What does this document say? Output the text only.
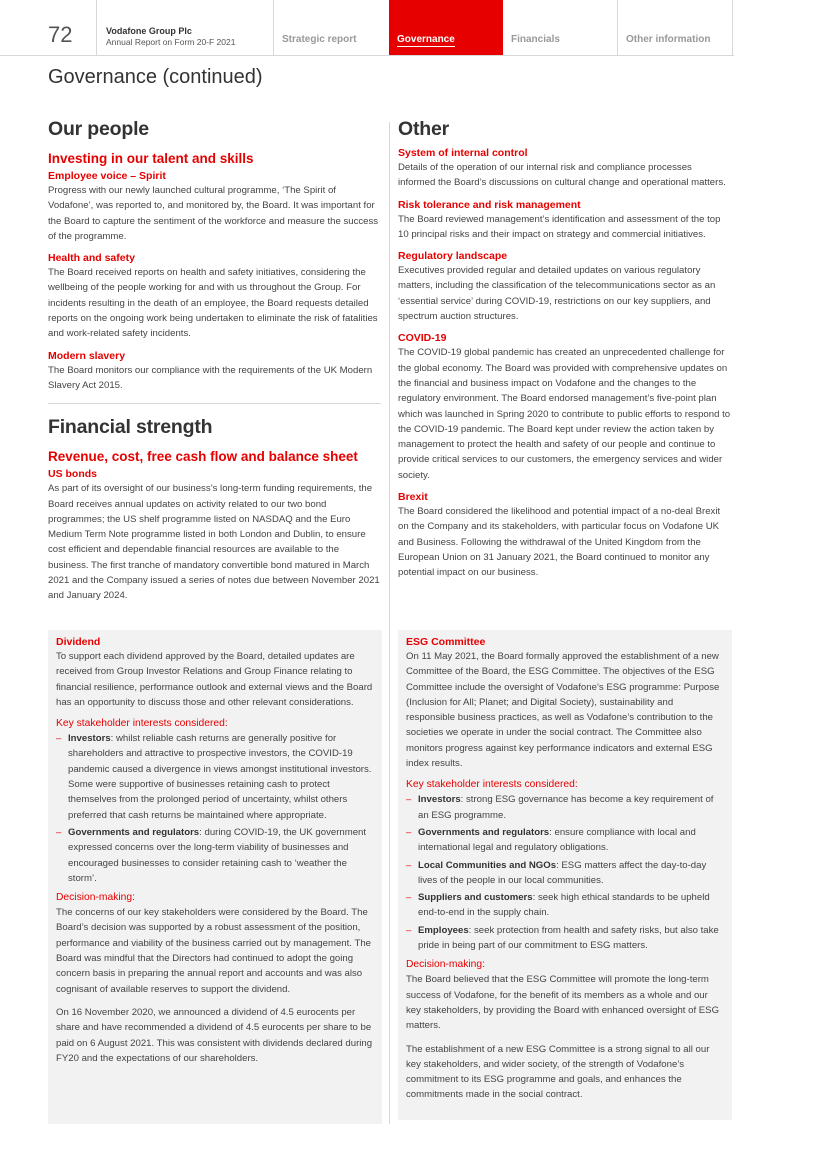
72	Vodafone Group Plc
Annual Report on Form 20-F 2021	Strategic report	Governance	Financials	Other information
Governance (continued)
Our people
Investing in our talent and skills
Employee voice – Spirit
Progress with our newly launched cultural programme, ‘The Spirit of Vodafone’, was reported to, and monitored by, the Board. It was important for the Board to capture the sentiment of the workforce and measure the success of the programme.
Health and safety
The Board received reports on health and safety initiatives, considering the wellbeing of the people working for and with us throughout the Group. For incidents resulting in the death of an employee, the Board requests detailed reports on the ongoing work being undertaken to eliminate the risk of fatalities and work-related safety incidents.
Modern slavery
The Board monitors our compliance with the requirements of the UK Modern Slavery Act 2015.
Financial strength
Revenue, cost, free cash flow and balance sheet
US bonds
As part of its oversight of our business’s long-term funding requirements, the Board receives annual updates on activity related to our two bond programmes; the US shelf programme listed on NASDAQ and the Euro Medium Term Note programme listed in both London and Dublin, to ensure cost efficient and dependable financial resources are available to the business. The first tranche of mandatory convertible bond matured in March 2021 and the Company issued a series of notes due between November 2021 and January 2024.
Dividend
To support each dividend approved by the Board, detailed updates are received from Group Investor Relations and Group Finance relating to financial resilience, performance outlook and external views and the Board has an opportunity to discuss those and other relevant considerations.
Key stakeholder interests considered:
– Investors: whilst reliable cash returns are generally positive for shareholders and attractive to prospective investors, the COVID-19 pandemic caused a divergence in views amongst institutional investors. Some were supportive of businesses retaining cash to protect themselves from the prolonged period of uncertainty, whilst others preferred that cash returns be maintained where appropriate.
– Governments and regulators: during COVID-19, the UK government expressed concerns over the long-term viability of businesses and encouraged businesses to consider retaining cash to ‘weather the storm’.
Decision-making:
The concerns of our key stakeholders were considered by the Board. The Board’s decision was supported by a robust assessment of the position, performance and viability of the business carried out by management. The Board was mindful that the Directors had continued to adopt the going concern basis in preparing the annual report and accounts and was also cognisant of available reserves to support the dividend.
On 16 November 2020, we announced a dividend of 4.5 eurocents per share and have recommended a dividend of 4.5 eurocents per share to be paid on 6 August 2021. This was consistent with dividends declared during FY20 and the expectations of our shareholders.
Other
System of internal control
Details of the operation of our internal risk and compliance processes informed the Board’s discussions on cultural change and operational matters.
Risk tolerance and risk management
The Board reviewed management’s identification and assessment of the top 10 principal risks and their impact on strategy and commercial initiatives.
Regulatory landscape
Executives provided regular and detailed updates on various regulatory matters, including the classification of the telecommunications sector as an ‘essential service’ during COVID-19, restrictions on our key suppliers, and spectrum auction structures.
COVID-19
The COVID-19 global pandemic has created an unprecedented challenge for the global economy. The Board was provided with comprehensive updates on the financial and business impact on Vodafone and the changes to the regulatory environment. The Board endorsed management’s five-point plan which was launched in Spring 2020 to contribute to public efforts to respond to the COVID-19 pandemic. The Board kept under review the action taken by management to protect the health and safety of our people and continue to provide critical services to our customers, the emergency services and wider society.
Brexit
The Board considered the likelihood and potential impact of a no-deal Brexit on the Company and its stakeholders, with particular focus on Vodafone UK and Business. Following the withdrawal of the United Kingdom from the European Union on 31 January 2021, the Board continued to monitor any potential impact on our business.
ESG Committee
On 11 May 2021, the Board formally approved the establishment of a new Committee of the Board, the ESG Committee. The objectives of the ESG Committee include the oversight of Vodafone’s ESG programme: Purpose (Inclusion for All; Planet; and Digital Society), sustainability and responsible business practices, as well as Vodafone’s contribution to the societies we operate in under the social contract. The Committee also monitors progress against key performance indicators and external ESG index results.
Key stakeholder interests considered:
– Investors: strong ESG governance has become a key requirement of an ESG programme.
– Governments and regulators: ensure compliance with local and international legal and regulatory obligations.
– Local Communities and NGOs: ESG matters affect the day-to-day lives of the people in our local communities.
– Suppliers and customers: seek high ethical standards to be upheld end-to-end in the supply chain.
– Employees: seek protection from health and safety risks, but also take pride in being part of our commitment to ESG matters.
Decision-making:
The Board believed that the ESG Committee will promote the long-term success of Vodafone, for the benefit of its members as a whole and our key stakeholders, by providing the Board with enhanced oversight of ESG matters.
The establishment of a new ESG Committee is a strong signal to all our key stakeholders, and wider society, of the strength of Vodafone’s commitment to its ESG programme and goals, and enhances the commitments made in the social contract.
